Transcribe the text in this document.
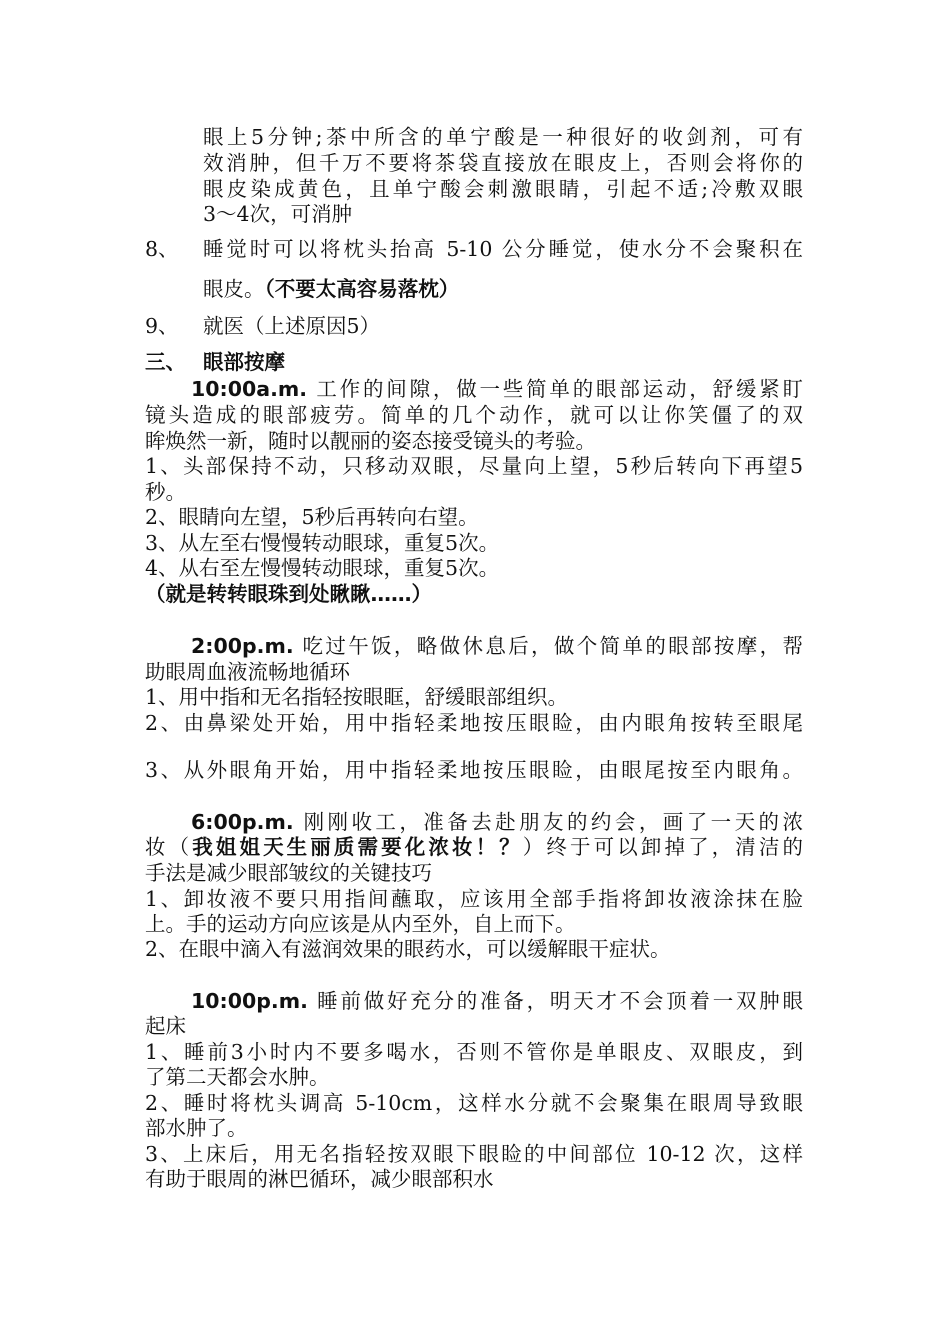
眼上5分钟;茶中所含的单宁酸是一种很好的收剑剂，可有
效消肿，但千万不要将茶袋直接放在眼皮上，否则会将你的
眼皮染成黄色，且单宁酸会刺激眼睛，引起不适;冷敷双眼
3～4次，可消肿
8、 睡觉时可以将枕头抬高 5-10 公分睡觉，使水分不会聚积在
眼皮。（不要太高容易落枕）
9、 就医（上述原因5）
三、 眼部按摩
10:00a.m. 工作的间隙，做一些简单的眼部运动，舒缓紧盯
镜头造成的眼部疲劳。简单的几个动作，就可以让你笑僵了的双
眸焕然一新，随时以靓丽的姿态接受镜头的考验。
1、头部保持不动，只移动双眼，尽量向上望，5秒后转向下再望5
秒。
2、眼睛向左望，5秒后再转向右望。
3、从左至右慢慢转动眼球，重复5次。
4、从右至左慢慢转动眼球，重复5次。
（就是转转眼珠到处瞅瞅……）
2:00p.m. 吃过午饭，略做休息后，做个简单的眼部按摩，帮
助眼周血液流畅地循环
1、用中指和无名指轻按眼眶，舒缓眼部组织。
2、由鼻梁处开始，用中指轻柔地按压眼睑，由内眼角按转至眼尾
3、从外眼角开始，用中指轻柔地按压眼睑，由眼尾按至内眼角。
6:00p.m. 刚刚收工，准备去赴朋友的约会，画了一天的浓
妆（我姐姐天生丽质需要化浓妆！？）终于可以卸掉了，清洁的
手法是减少眼部皱纹的关键技巧
1、卸妆液不要只用指间蘸取，应该用全部手指将卸妆液涂抹在脸
上。手的运动方向应该是从内至外，自上而下。
2、在眼中滴入有滋润效果的眼药水，可以缓解眼干症状。
10:00p.m. 睡前做好充分的准备，明天才不会顶着一双肿眼
起床
1、睡前3小时内不要多喝水，否则不管你是单眼皮、双眼皮，到
了第二天都会水肿。
2、睡时将枕头调高 5-10cm，这样水分就不会聚集在眼周导致眼
部水肿了。
3、上床后，用无名指轻按双眼下眼睑的中间部位 10-12 次，这样
有助于眼周的淋巴循环，减少眼部积水
